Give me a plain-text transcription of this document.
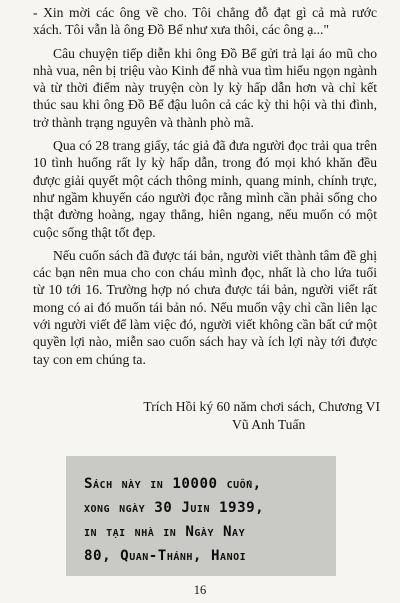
- Xin mời các ông về cho. Tôi chẳng đỗ đạt gì cả mà rước xách. Tôi vẫn là ông Đồ Bể như xưa thôi, các ông ạ..."

Câu chuyện tiếp diễn khi ông Đồ Bể gửi trả lại áo mũ cho nhà vua, nên bị triệu vào Kinh để nhà vua tìm hiểu ngọn ngành và từ thời điểm này truyện còn ly kỳ hấp dẫn hơn và chỉ kết thúc sau khi ông Đồ Bể đậu luôn cả các kỳ thi hội và thi đình, trở thành trạng nguyên và thành phò mã.

Qua có 28 trang giấy, tác giả đã đưa người đọc trải qua trên 10 tình huống rất ly kỳ hấp dẫn, trong đó mọi khó khăn đều được giải quyết một cách thông minh, quang minh, chính trực, như ngầm khuyến cáo người đọc rằng mình cần phải sống cho thật đường hoàng, ngay thẳng, hiên ngang, nếu muốn có một cuộc sống thật tốt đẹp.

Nếu cuốn sách đã được tái bản, người viết thành tâm đề ghị các bạn nên mua cho con cháu mình đọc, nhất là cho lứa tuổi từ 10 tới 16. Trường hợp nó chưa được tái bản, người viết rất mong có ai đó muốn tái bản nó. Nếu muốn vậy chỉ cần liên lạc với người viết để làm việc đó, người viết không cần bất cứ một quyền lợi nào, miễn sao cuốn sách hay và ích lợi này tới được tay con em chúng ta.

Trích Hồi ký 60 năm chơi sách, Chương VI
Vũ Anh Tuấn
Sách này in 10000 cuốn,
xong ngày 30 Juin 1939,
in tại nhà in Ngày Nay
80, Quan-Thánh, Hanoi
16
